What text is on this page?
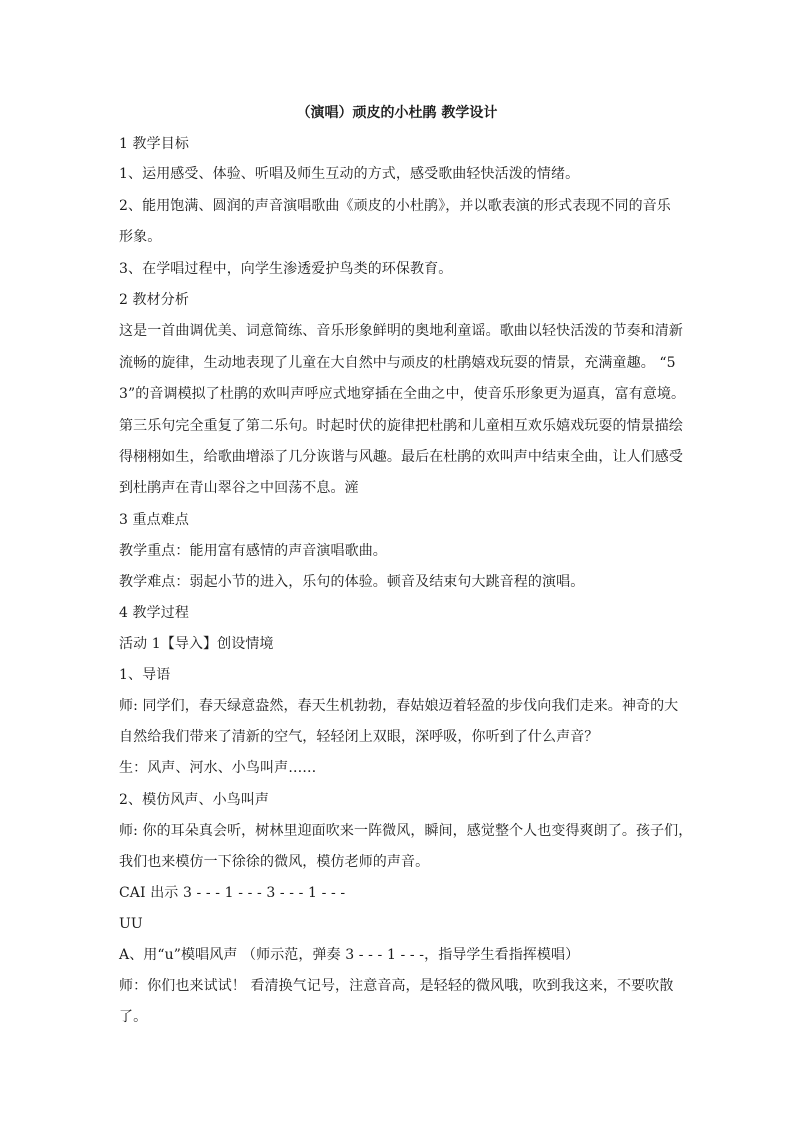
（演唱）顽皮的小杜鹃 教学设计
1 教学目标
1、运用感受、体验、听唱及师生互动的方式，感受歌曲轻快活泼的情绪。
2、能用饱满、圆润的声音演唱歌曲《顽皮的小杜鹃》，并以歌表演的形式表现不同的音乐
形象。
3、在学唱过程中，向学生渗透爱护鸟类的环保教育。
2 教材分析
这是一首曲调优美、词意简练、音乐形象鲜明的奥地利童谣。歌曲以轻快活泼的节奏和清新
流畅的旋律，生动地表现了儿童在大自然中与顽皮的杜鹃嬉戏玩耍的情景，充满童趣。 “5
3”的音调模拟了杜鹃的欢叫声呼应式地穿插在全曲之中，使音乐形象更为逼真，富有意境。
第三乐句完全重复了第二乐句。时起时伏的旋律把杜鹃和儿童相互欢乐嬉戏玩耍的情景描绘
得栩栩如生，给歌曲增添了几分诙谐与风趣。最后在杜鹃的欢叫声中结束全曲，让人们感受
到杜鹃声在青山翠谷之中回荡不息。滻
3 重点难点
教学重点：能用富有感情的声音演唱歌曲。
教学难点：弱起小节的进入，乐句的体验。顿音及结束句大跳音程的演唱。
4 教学过程
活动 1【导入】创设情境
1、导语
师: 同学们，春天绿意盎然，春天生机勃勃，春姑娘迈着轻盈的步伐向我们走来。神奇的大
自然给我们带来了清新的空气，轻轻闭上双眼，深呼吸，你听到了什么声音？
生：风声、河水、小鸟叫声……
2、模仿风声、小鸟叫声
师: 你的耳朵真会听，树林里迎面吹来一阵微风，瞬间，感觉整个人也变得爽朗了。孩子们，
我们也来模仿一下徐徐的微风，模仿老师的声音。
CAI 出示 3 - - - 1 - - - 3 - - - 1 - - -
UU
A、用“u”模唱风声 （师示范，弹奏 3 - - - 1 - - -，指导学生看指挥模唱）
师：你们也来试试！ 看清换气记号，注意音高，是轻轻的微风哦，吹到我这来，不要吹散
了。
